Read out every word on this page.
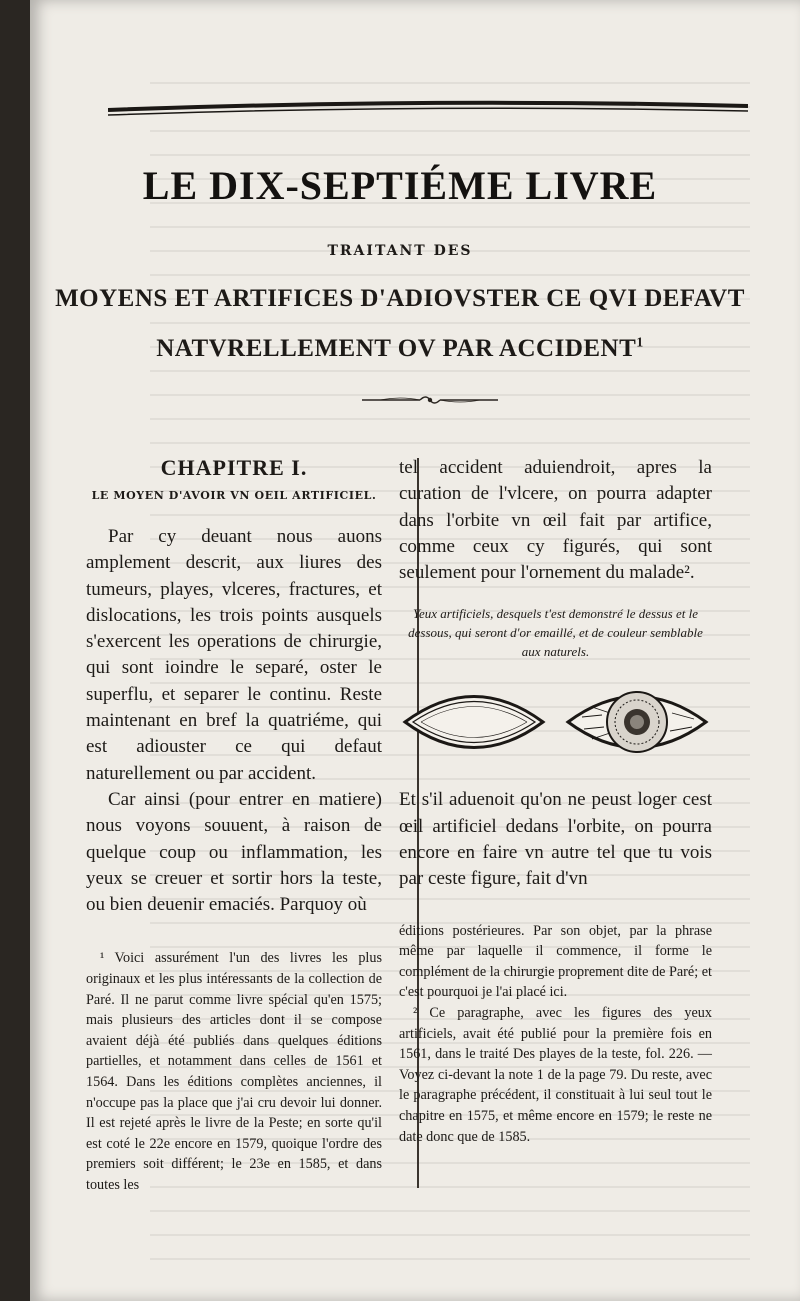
LE DIX-SEPTIÉME LIVRE
TRAITANT DES
MOYENS ET ARTIFICES D'ADIOVSTER CE QVI DEFAVT
NATVRELLEMENT OV PAR ACCIDENT$^1$
CHAPITRE I.
LE MOYEN D'AVOIR VN OEIL ARTIFICIEL.

Par cy deuant nous auons amplement descrit, aux liures des tumeurs, playes, vlceres, fractures, et dislocations, les trois points ausquels s'exercent les operations de chirurgie, qui sont ioindre le separé, oster le superflu, et separer le continu. Reste maintenant en bref la quatriéme, qui est adiouster ce qui defaut naturellement ou par accident.

Car ainsi (pour entrer en matiere) nous voyons souuent, à raison de quelque coup ou inflammation, les yeux se creuer et sortir hors la teste, ou bien deuenir emaciés. Parquoy où

¹ Voici assurément l'un des livres les plus originaux et les plus intéressants de la collection de Paré. Il ne parut comme livre spécial qu'en 1575; mais plusieurs des articles dont il se compose avaient déjà été publiés dans quelques éditions partielles, et notamment dans celles de 1561 et 1564. Dans les éditions complètes anciennes, il n'occupe pas la place que j'ai cru devoir lui donner. Il est rejeté après le livre de la Peste; en sorte qu'il est coté le 22e encore en 1579, quoique l'ordre des premiers soit différent; le 23e en 1585, et dans toutes les

tel accident aduiendroit, apres la curation de l'vlcere, on pourra adapter dans l'orbite vn œil fait par artifice, comme ceux cy figurés, qui sont seulement pour l'ornement du malade².

Yeux artificiels, desquels t'est demonstré le dessus et le dessous, qui seront d'or emaillé, et de couleur semblable aux naturels.

Et s'il aduenoit qu'on ne peust loger cest œil artificiel dedans l'orbite, on pourra encore en faire vn autre tel que tu vois par ceste figure, fait d'vn

éditions postérieures. Par son objet, par la phrase même par laquelle il commence, il forme le complément de la chirurgie proprement dite de Paré; et c'est pourquoi je l'ai placé ici.

² Ce paragraphe, avec les figures des yeux artificiels, avait été publié pour la première fois en 1561, dans le traité Des playes de la teste, fol. 226. — Voyez ci-devant la note 1 de la page 79. Du reste, avec le paragraphe précédent, il constituait à lui seul tout le chapitre en 1575, et même encore en 1579; le reste ne date donc que de 1585.
